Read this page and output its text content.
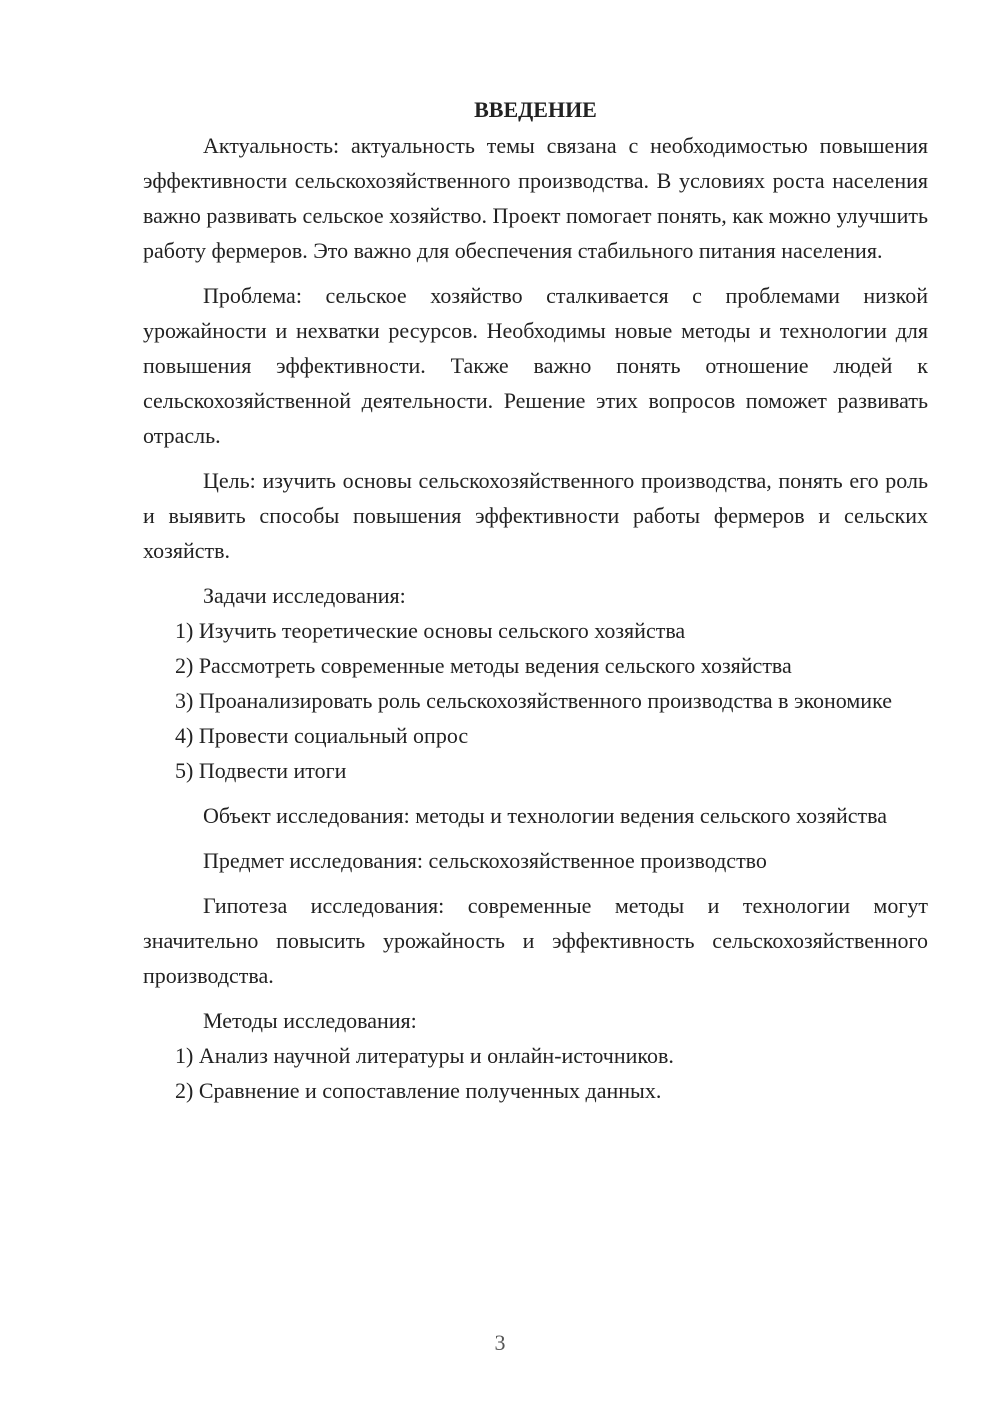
ВВЕДЕНИЕ

Актуальность: актуальность темы связана с необходимостью повышения эффективности сельскохозяйственного производства. В условиях роста населения важно развивать сельское хозяйство. Проект помогает понять, как можно улучшить работу фермеров. Это важно для обеспечения стабильного питания населения.

Проблема: сельское хозяйство сталкивается с проблемами низкой урожайности и нехватки ресурсов. Необходимы новые методы и технологии для повышения эффективности. Также важно понять отношение людей к сельскохозяйственной деятельности. Решение этих вопросов поможет развивать отрасль.

Цель: изучить основы сельскохозяйственного производства, понять его роль и выявить способы повышения эффективности работы фермеров и сельских хозяйств.

Задачи исследования:

1) Изучить теоретические основы сельского хозяйства

2) Рассмотреть современные методы ведения сельского хозяйства

3) Проанализировать роль сельскохозяйственного производства в экономике

4) Провести социальный опрос

5) Подвести итоги

Объект исследования: методы и технологии ведения сельского хозяйства

Предмет исследования: сельскохозяйственное производство

Гипотеза исследования: современные методы и технологии могут значительно повысить урожайность и эффективность сельскохозяйственного производства.

Методы исследования:

1) Анализ научной литературы и онлайн-источников.

2) Сравнение и сопоставление полученных данных.

3
